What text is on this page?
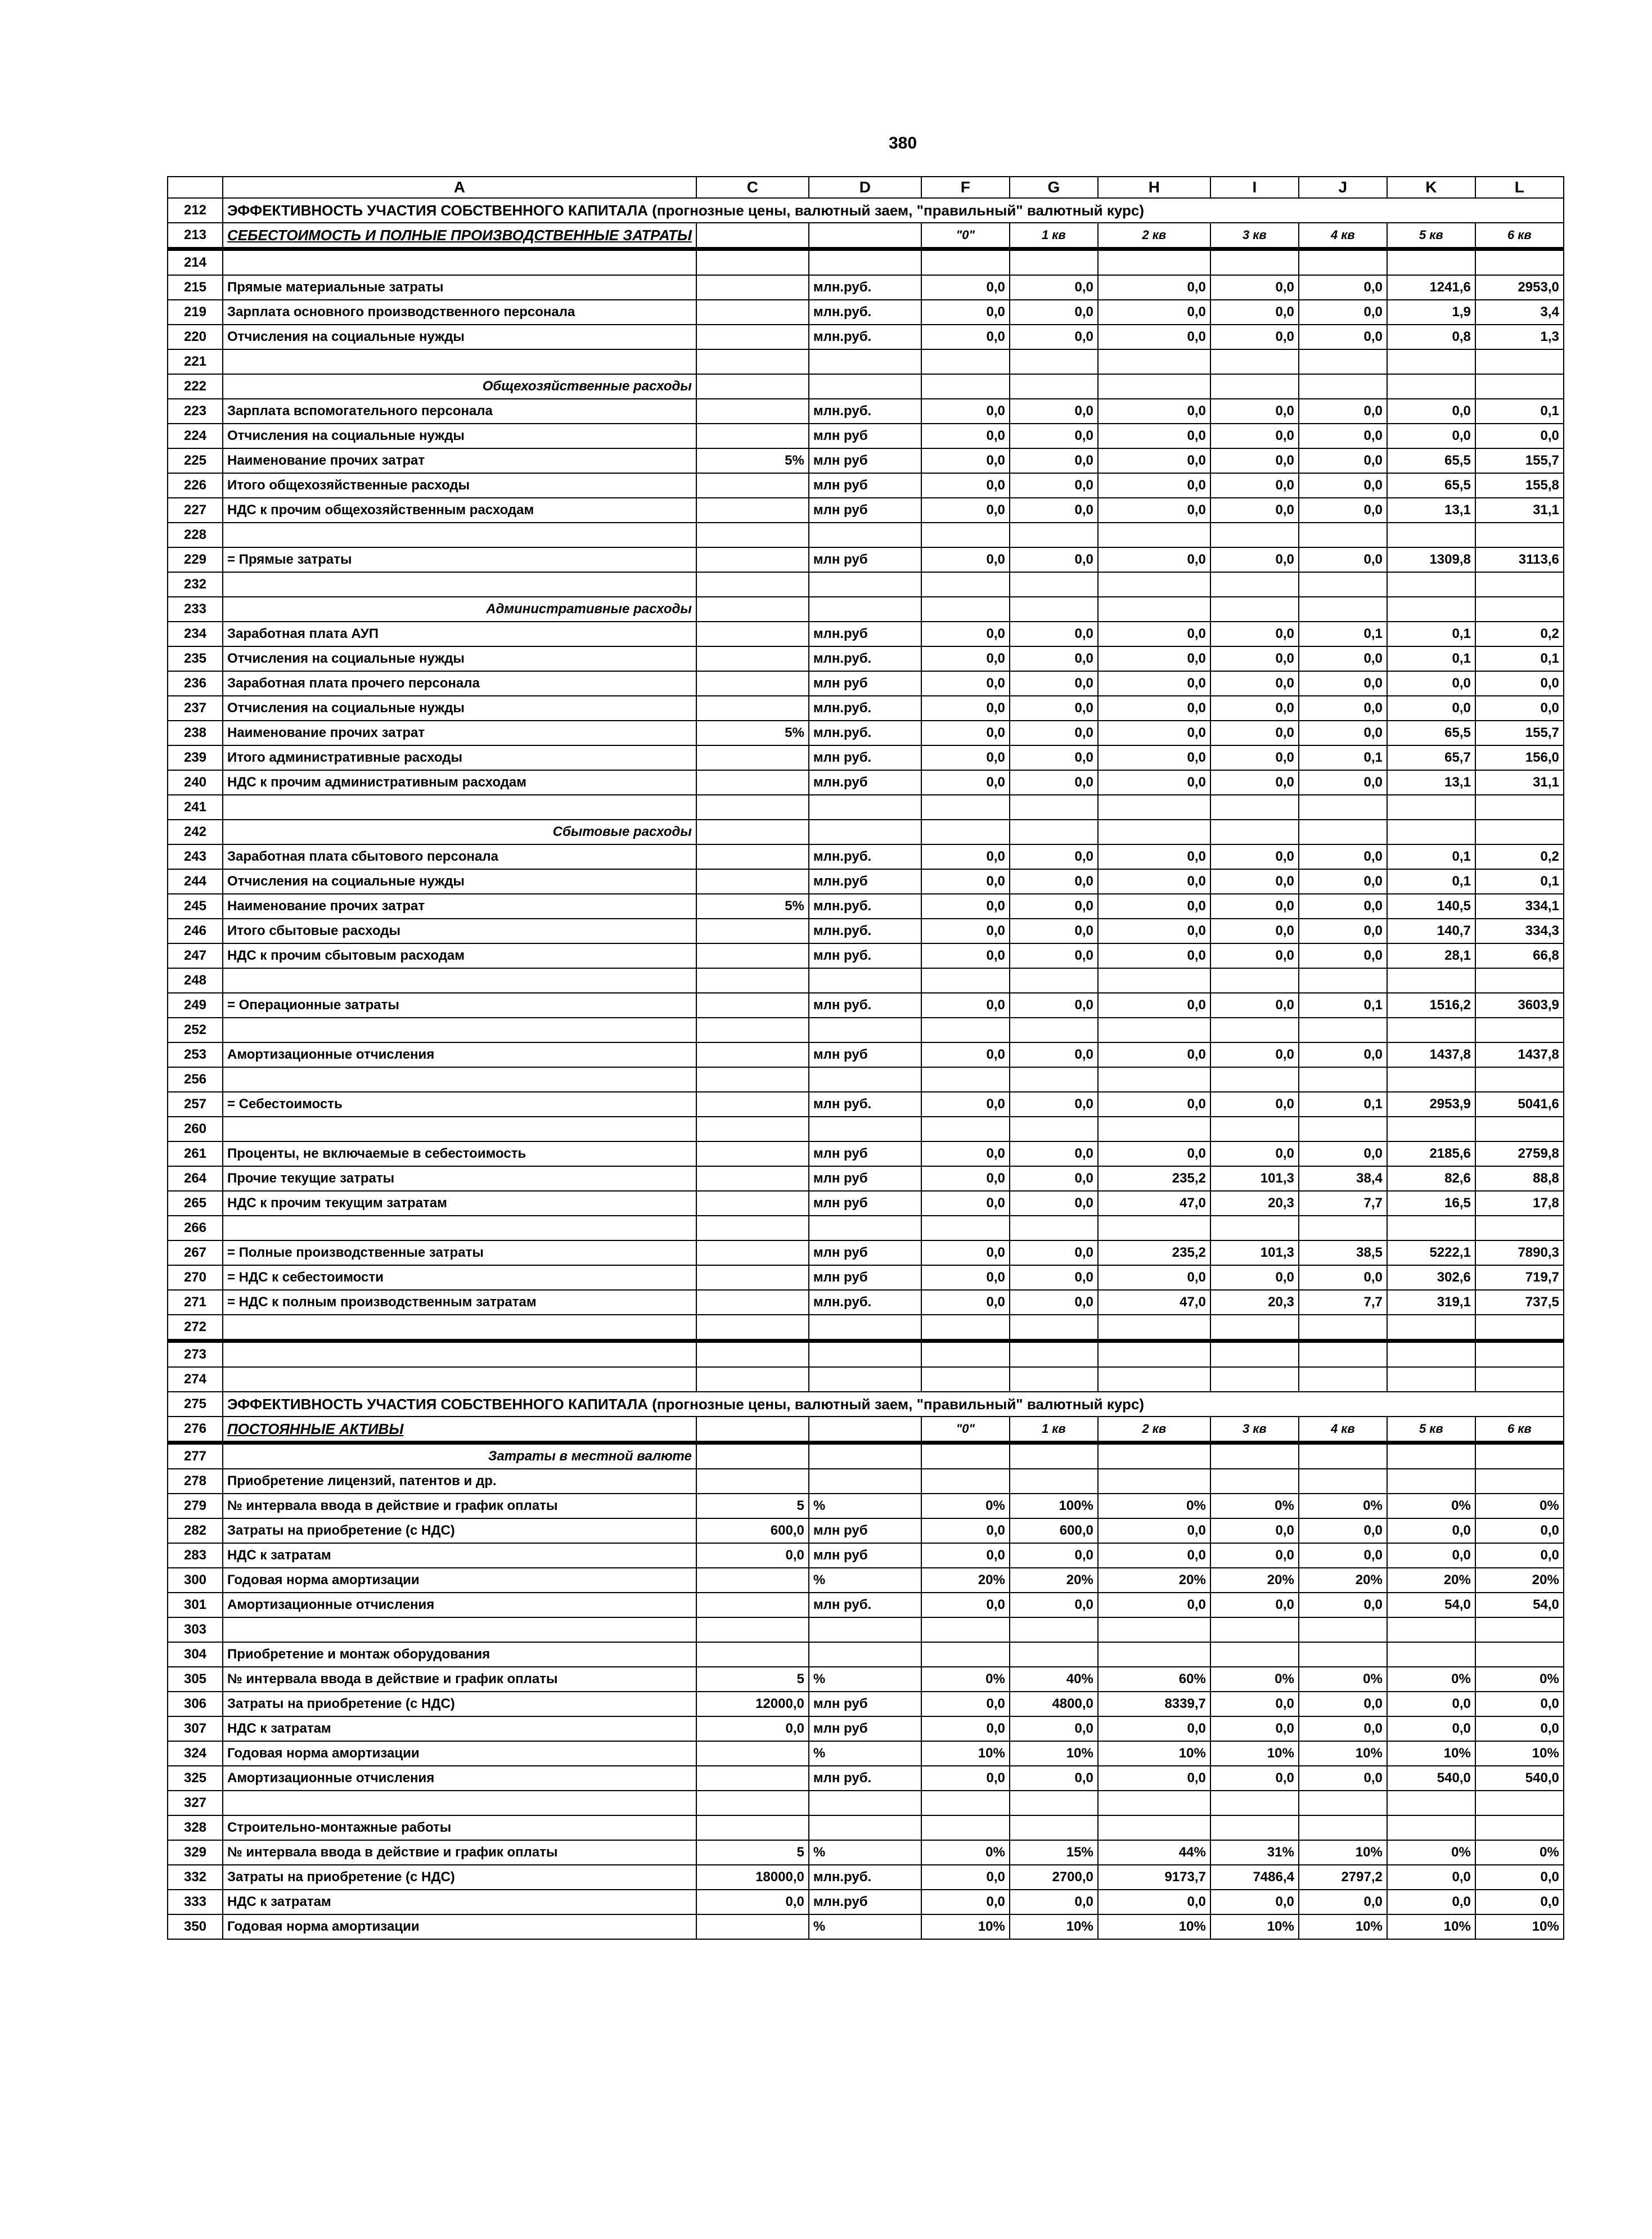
380
	A	C	D	F	G	H	I	J	K	L
212	ЭФФЕКТИВНОСТЬ УЧАСТИЯ СОБСТВЕННОГО КАПИТАЛА (прогнозные цены, валютный заем, "правильный" валютный курс)									
213	СЕБЕСТОИМОСТЬ И ПОЛНЫЕ ПРОИЗВОДСТВЕННЫЕ ЗАТРАТЫ			"0"	1 кв	2 кв	3 кв	4 кв	5 кв	6 кв
214										
215	Прямые материальные затраты		млн.руб.	0,0	0,0	0,0	0,0	0,0	1241,6	2953,0
219	Зарплата основного производственного персонала		млн.руб.	0,0	0,0	0,0	0,0	0,0	1,9	3,4
220	Отчисления на социальные нужды		млн.руб.	0,0	0,0	0,0	0,0	0,0	0,8	1,3
221										
222	Общехозяйственные расходы									
223	Зарплата вспомогательного персонала		млн.руб.	0,0	0,0	0,0	0,0	0,0	0,0	0,1
224	Отчисления на социальные нужды		млн руб	0,0	0,0	0,0	0,0	0,0	0,0	0,0
225	Наименование прочих затрат	5%	млн руб	0,0	0,0	0,0	0,0	0,0	65,5	155,7
226	Итого общехозяйственные расходы		млн руб	0,0	0,0	0,0	0,0	0,0	65,5	155,8
227	НДС к прочим общехозяйственным расходам		млн руб	0,0	0,0	0,0	0,0	0,0	13,1	31,1
228										
229	= Прямые затраты		млн руб	0,0	0,0	0,0	0,0	0,0	1309,8	3113,6
232										
233	Административные расходы									
234	Заработная плата АУП		млн.руб	0,0	0,0	0,0	0,0	0,1	0,1	0,2
235	Отчисления на социальные нужды		млн.руб.	0,0	0,0	0,0	0,0	0,0	0,1	0,1
236	Заработная плата прочего персонала		млн руб	0,0	0,0	0,0	0,0	0,0	0,0	0,0
237	Отчисления на социальные нужды		млн.руб.	0,0	0,0	0,0	0,0	0,0	0,0	0,0
238	Наименование прочих затрат	5%	млн.руб.	0,0	0,0	0,0	0,0	0,0	65,5	155,7
239	Итого административные расходы		млн руб.	0,0	0,0	0,0	0,0	0,1	65,7	156,0
240	НДС к прочим административным расходам		млн.руб	0,0	0,0	0,0	0,0	0,0	13,1	31,1
241										
242	Сбытовые расходы									
243	Заработная плата сбытового персонала		млн.руб.	0,0	0,0	0,0	0,0	0,0	0,1	0,2
244	Отчисления на социальные нужды		млн.руб	0,0	0,0	0,0	0,0	0,0	0,1	0,1
245	Наименование прочих затрат	5%	млн.руб.	0,0	0,0	0,0	0,0	0,0	140,5	334,1
246	Итого сбытовые расходы		млн.руб.	0,0	0,0	0,0	0,0	0,0	140,7	334,3
247	НДС к прочим сбытовым расходам		млн руб.	0,0	0,0	0,0	0,0	0,0	28,1	66,8
248										
249	= Операционные затраты		млн руб.	0,0	0,0	0,0	0,0	0,1	1516,2	3603,9
252										
253	Амортизационные отчисления		млн руб	0,0	0,0	0,0	0,0	0,0	1437,8	1437,8
256										
257	= Себестоимость		млн руб.	0,0	0,0	0,0	0,0	0,1	2953,9	5041,6
260										
261	Проценты, не включаемые в себестоимость		млн руб	0,0	0,0	0,0	0,0	0,0	2185,6	2759,8
264	Прочие текущие затраты		млн руб	0,0	0,0	235,2	101,3	38,4	82,6	88,8
265	НДС к прочим текущим затратам		млн руб	0,0	0,0	47,0	20,3	7,7	16,5	17,8
266										
267	= Полные производственные затраты		млн руб	0,0	0,0	235,2	101,3	38,5	5222,1	7890,3
270	= НДС к себестоимости		млн руб	0,0	0,0	0,0	0,0	0,0	302,6	719,7
271	= НДС к полным производственным затратам		млн.руб.	0,0	0,0	47,0	20,3	7,7	319,1	737,5
272										
273										
274										
275	ЭФФЕКТИВНОСТЬ УЧАСТИЯ СОБСТВЕННОГО КАПИТАЛА (прогнозные цены, валютный заем, "правильный" валютный курс)									
276	ПОСТОЯННЫЕ АКТИВЫ			"0"	1 кв	2 кв	3 кв	4 кв	5 кв	6 кв
277	Затраты в местной валюте									
278	Приобретение лицензий, патентов и др.									
279	№ интервала ввода в действие и график оплаты	5	%	0%	100%	0%	0%	0%	0%	0%
282	Затраты на приобретение (с НДС)	600,0	млн руб	0,0	600,0	0,0	0,0	0,0	0,0	0,0
283	НДС к затратам	0,0	млн руб	0,0	0,0	0,0	0,0	0,0	0,0	0,0
300	Годовая норма амортизации		%	20%	20%	20%	20%	20%	20%	20%
301	Амортизационные отчисления		млн руб.	0,0	0,0	0,0	0,0	0,0	54,0	54,0
303										
304	Приобретение и монтаж оборудования									
305	№ интервала ввода в действие и график оплаты	5	%	0%	40%	60%	0%	0%	0%	0%
306	Затраты на приобретение (с НДС)	12000,0	млн руб	0,0	4800,0	8339,7	0,0	0,0	0,0	0,0
307	НДС к затратам	0,0	млн руб	0,0	0,0	0,0	0,0	0,0	0,0	0,0
324	Годовая норма амортизации		%	10%	10%	10%	10%	10%	10%	10%
325	Амортизационные отчисления		млн руб.	0,0	0,0	0,0	0,0	0,0	540,0	540,0
327										
328	Строительно-монтажные работы									
329	№ интервала ввода в действие и график оплаты	5	%	0%	15%	44%	31%	10%	0%	0%
332	Затраты на приобретение (с НДС)	18000,0	млн.руб.	0,0	2700,0	9173,7	7486,4	2797,2	0,0	0,0
333	НДС к затратам	0,0	млн.руб	0,0	0,0	0,0	0,0	0,0	0,0	0,0
350	Годовая норма амортизации		%	10%	10%	10%	10%	10%	10%	10%
